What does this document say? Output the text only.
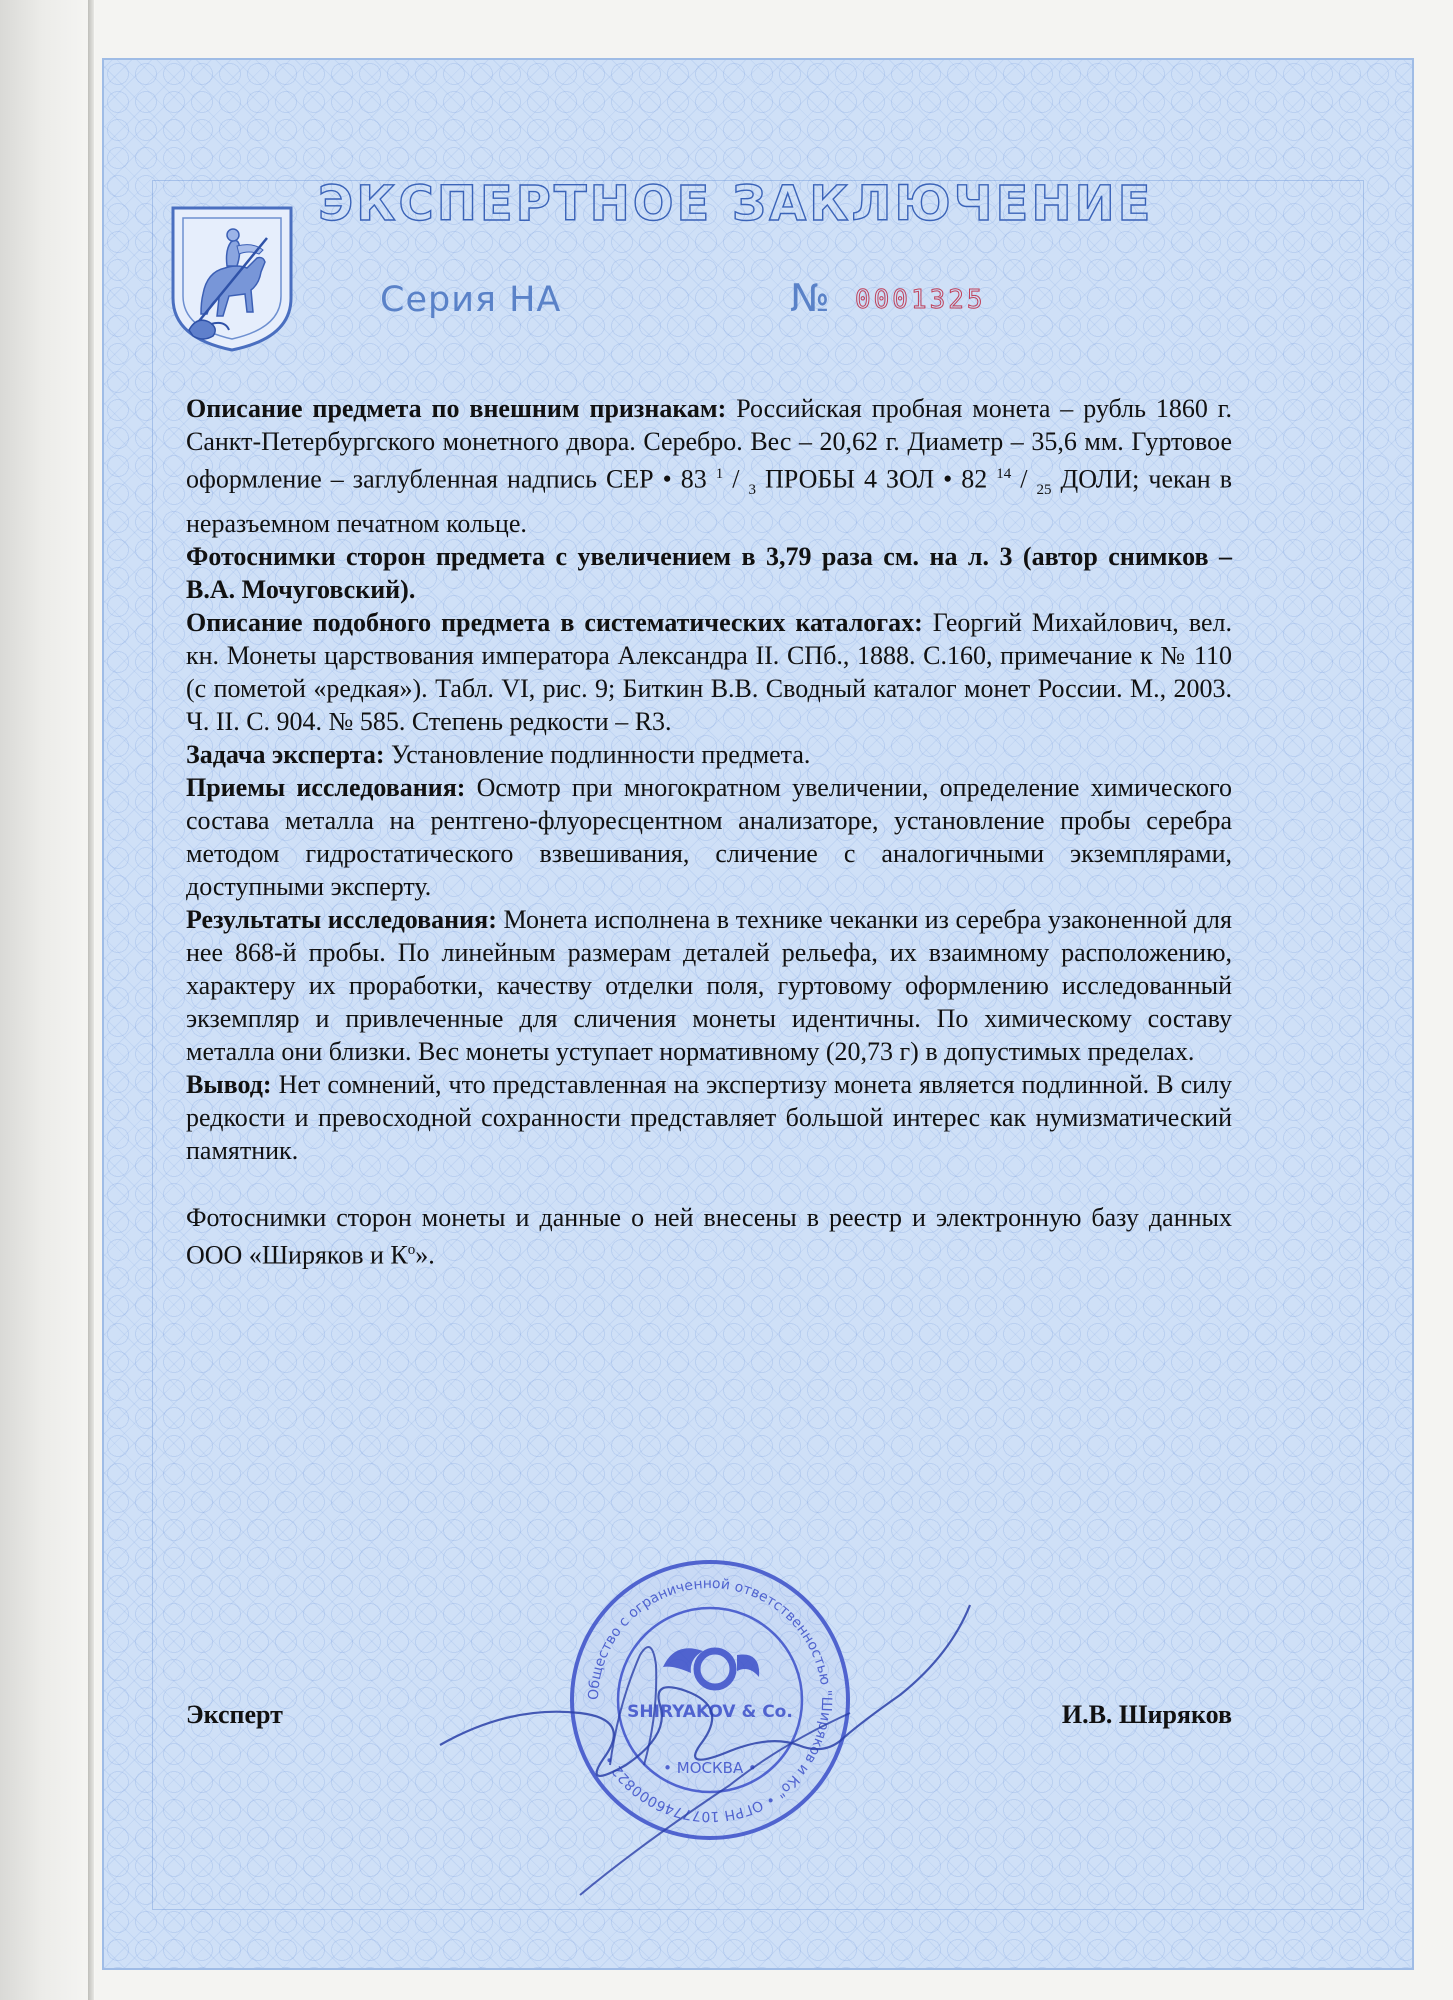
ЭКСПЕРТНОЕ ЗАКЛЮЧЕНИЕ
Серия НА	№ 0001325

Описание предмета по внешним признакам: Российская пробная монета – рубль 1860 г. Санкт-Петербургского монетного двора. Серебро. Вес – 20,62 г. Диаметр – 35,6 мм. Гуртовое оформление – заглубленная надпись СЕР • 83 $^1$ / $_3$ ПРОБЫ 4 ЗОЛ • 82 $^{14}$ / $_{25}$ ДОЛИ; чекан в неразъемном печатном кольце.

Фотоснимки сторон предмета с увеличением в 3,79 раза см. на л. 3 (автор снимков – В.А. Мочуговский).

Описание подобного предмета в систематических каталогах: Георгий Михайлович, вел. кн. Монеты царствования императора Александра II. СПб., 1888. С.160, примечание к № 110 (с пометой «редкая»). Табл. VI, рис. 9; Биткин В.В. Сводный каталог монет России. М., 2003. Ч. II. С. 904. № 585. Степень редкости – R3.

Задача эксперта: Установление подлинности предмета.

Приемы исследования: Осмотр при многократном увеличении, определение химического состава металла на рентгено-флуоресцентном анализаторе, установление пробы серебра методом гидростатического взвешивания, сличение с аналогичными экземплярами, доступными эксперту.

Результаты исследования: Монета исполнена в технике чеканки из серебра узаконенной для нее 868-й пробы. По линейным размерам деталей рельефа, их взаимному расположению, характеру их проработки, качеству отделки поля, гуртовому оформлению исследованный экземпляр и привлеченные для сличения монеты идентичны. По химическому составу металла они близки. Вес монеты уступает нормативному (20,73 г) в допустимых пределах.

Вывод: Нет сомнений, что представленная на экспертизу монета является подлинной. В силу редкости и превосходной сохранности представляет большой интерес как нумизматический памятник.

Фотоснимки сторон монеты и данные о ней внесены в реестр и электронную базу данных ООО «Ширяков и $К^о$».

Эксперт	И.В. Ширяков
Общество с ограниченной ответственностью "Ширяков и Ко" • ОГРН 1077746000822 •
SHIRYAKOV & Co.
• МОСКВА •
